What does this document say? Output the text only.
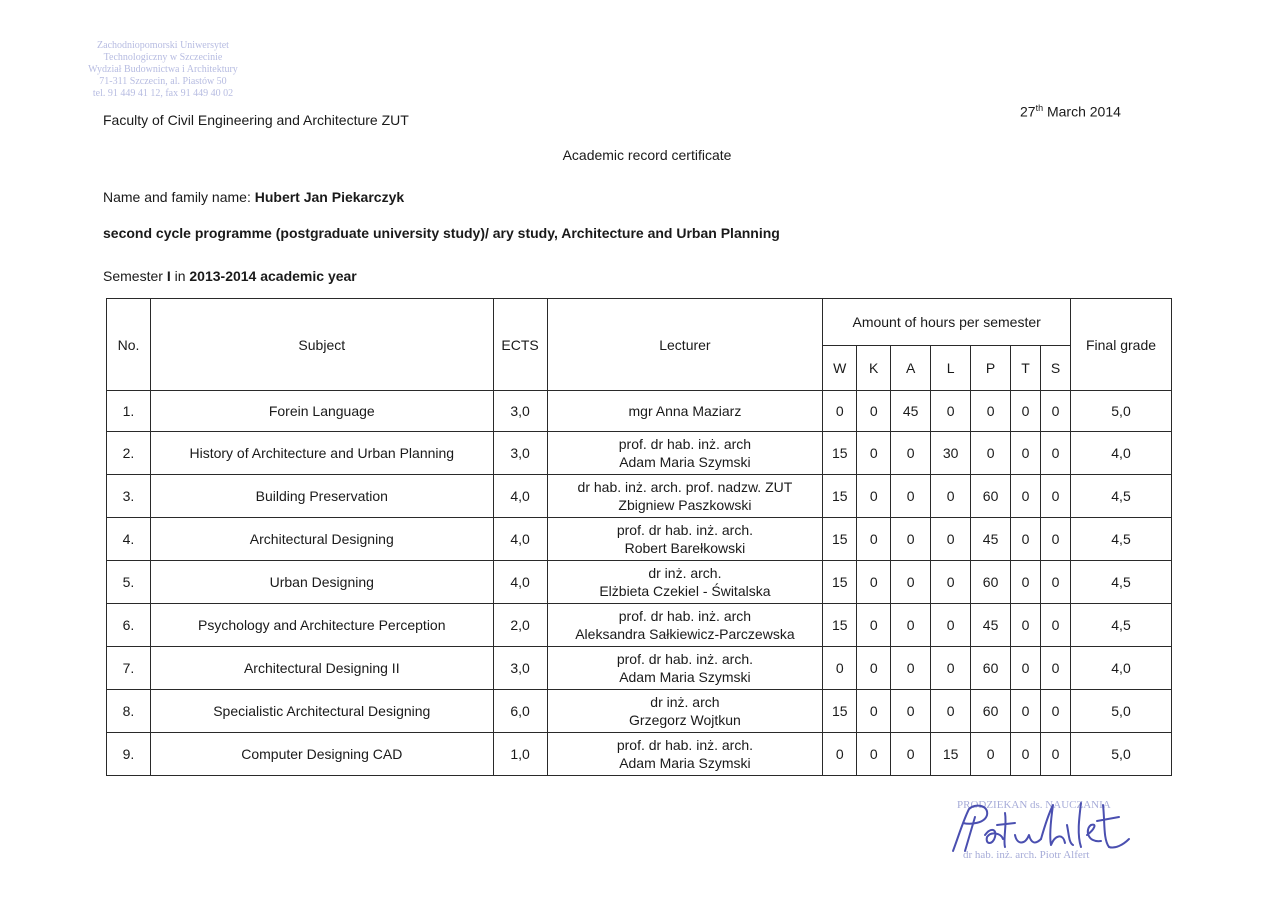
Zachodniopomorski Uniwersytet
Technologiczny w Szczecinie
Wydział Budownictwa i Architektury
71-311 Szczecin, al. Piastów 50
tel. 91 449 41 12, fax 91 449 40 02
Faculty of Civil Engineering and Architecture ZUT
27th March 2014
Academic record certificate
Name and family name: Hubert Jan Piekarczyk
second cycle programme (postgraduate university study)/ ary study, Architecture and Urban Planning
Semester I in 2013-2014 academic year
No.	Subject	ECTS	Lecturer	Amount of hours per semester							Final grade
				W	K	A	L	P	T	S	
1.	Forein Language	3,0	mgr Anna Maziarz	0	0	45	0	0	0	0	5,0
2.	History of Architecture and Urban Planning	3,0	prof. dr hab. inż. arch
Adam Maria Szymski	15	0	0	30	0	0	0	4,0
3.	Building Preservation	4,0	dr hab. inż. arch. prof. nadzw. ZUT
Zbigniew Paszkowski	15	0	0	0	60	0	0	4,5
4.	Architectural Designing	4,0	prof. dr hab. inż. arch.
Robert Barełkowski	15	0	0	0	45	0	0	4,5
5.	Urban Designing	4,0	dr inż. arch.
Elżbieta Czekiel - Świtalska	15	0	0	0	60	0	0	4,5
6.	Psychology and Architecture Perception	2,0	prof. dr hab. inż. arch
Aleksandra Sałkiewicz-Parczewska	15	0	0	0	45	0	0	4,5
7.	Architectural Designing II	3,0	prof. dr hab. inż. arch.
Adam Maria Szymski	0	0	0	0	60	0	0	4,0
8.	Specialistic Architectural Designing	6,0	dr inż. arch
Grzegorz Wojtkun	15	0	0	0	60	0	0	5,0
9.	Computer Designing CAD	1,0	prof. dr hab. inż. arch.
Adam Maria Szymski	0	0	0	15	0	0	0	5,0
PRODZIEKAN ds. NAUCZANIA
dr hab. inż. arch. Piotr Alfert
